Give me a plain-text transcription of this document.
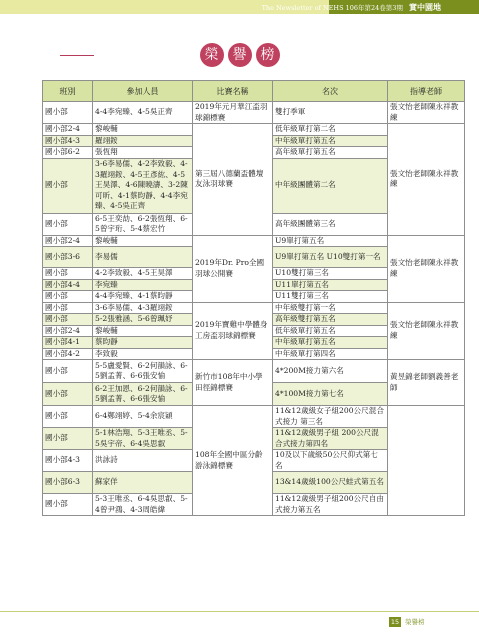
The Newsletter of NEHS 106年第24卷第3期 實中園地
榮	譽	榜
班別	參加人員	比賽名稱	名次	指導老師
國小部	4-4李宛臻、4-5吳正齊	2019年元月華江盃羽球錦標賽	雙打季軍	張文怡老師陳永祥教練
國小部2-4	黎峻輔	第三屆八德蘭盃體壇友泳羽球賽	低年級單打第二名	張文怡老師陳永祥教練
國小部4-3	羅翊銨		中年級單打第五名	
國小部6-2	張恆翔		高年級單打第五名	
國小部	3-6李易儒、4-2李致毅、4-3羅翊銨、4-5王彥紘、4-5王昊澤、4-6陳曉濤、3-2陳可昕、4-1蔡昀靜、4-4李宛臻、4-5吳正齊		中年級團體第二名	
國小部	6-5王奕劼、6-2張恆翔、6-5曾宇珩、5-4蔡宏竹		高年級團體第三名	
國小部2-4	黎峻輔	2019年Dr. Pro全國羽球公開賽	U9單打第五名	張文怡老師陳永祥教練
國小部3-6	李易儒		U9單打第五名 U10雙打第一名	
國小部	4-2李致毅、4-5王昊澤		U10雙打第三名	
國小部4-4	李宛臻		U11單打第五名	
國小部	4-4李宛臻、4-1蔡昀靜		U11雙打第三名	
國小部	3-6李易儒、4-3羅翊銨	2019年寶雞中學體身工房盃羽球錦標賽	中年級雙打第一名	張文怡老師陳永祥教練
國小部	5-2張雅涵、5-6曾珮妤		高年級雙打第五名	
國小部2-4	黎峻輔		低年級單打第五名	
國小部4-1	蔡昀靜		中年級單打第五名	
國小部4-2	李致毅		中年級單打第四名	
國小部	5-5盧愛賢、6-2何韻詠、6-5劉孟菁、6-6張安愉	新竹市108年中小學田徑錦標賽	4*200M接力第六名	黃昱錦老師劉義善老師
國小部	6-2王加恩、6-2何韻詠、6-5劉孟菁、6-6張安愉		4*100M接力第七名	
國小部	6-4鄭翊婷、5-4余宸穎	108年全國中區分齡游泳錦標賽	11&12歲級女子組200公尺混合式接力 第三名	
國小部	5-1林浩翔、5-3王唯丞、5-5吳宇帝、6-4吳思叡		11&12歲級男子組 200公尺混合式接力第四名	
國小部4-3	洪詠詩		10及以下歲級50公尺仰式第七名	
國小部6-3	蘇家佯		13&14歲級100公尺蛙式第五名	
國小部	5-3王唯丞、6-4吳思叡、5-4曾尹鴻、4-3周皓緯		11&12歲級男子組200公尺自由式接力第五名	
15 榮譽榜
